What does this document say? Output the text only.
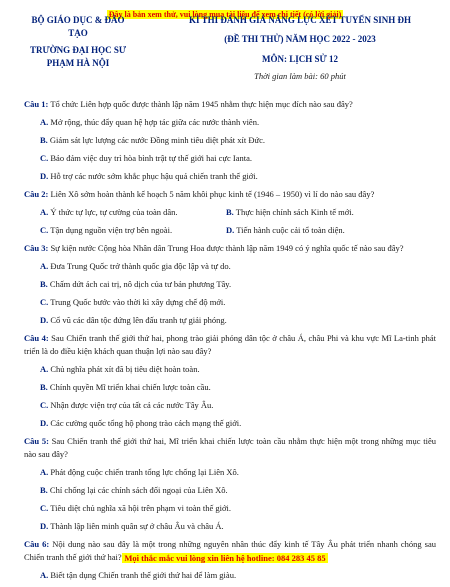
Đây là bản xem thử, vui lòng mua tài liệu để xem chi tiết (có lời giải)
BỘ GIÁO DỤC & ĐÀO
TẠO
TRƯỜNG ĐẠI HỌC SƯ
PHẠM HÀ NỘI
KÌ THI ĐÁNH GIÁ NĂNG LỰC XÉT TUYỂN SINH ĐH
(ĐỀ THI THỬ) NĂM HỌC 2022 - 2023
MÔN: LỊCH SỬ 12
Thời gian làm bài: 60 phút

Câu 1: Tổ chức Liên hợp quốc được thành lập năm 1945 nhằm thực hiện mục đích nào sau đây?

A. Mở rộng, thúc đẩy quan hệ hợp tác giữa các nước thành viên.
B. Giám sát lực lượng các nước Đồng minh tiêu diệt phát xít Đức.
C. Bảo đảm việc duy trì hòa bình trật tự thế giới hai cực Ianta.
D. Hỗ trợ các nước sớm khắc phục hậu quả chiến tranh thế giới.

Câu 2: Liên Xô sớm hoàn thành kế hoạch 5 năm khôi phục kinh tế (1946 – 1950) vì lí do nào sau đây?

A. Ý thức tự lực, tự cường của toàn dân.	B. Thực hiện chính sách Kinh tế mới.
C. Tận dụng nguồn viện trợ bên ngoài.	D. Tiến hành cuộc cải tổ toàn diện.

Câu 3: Sự kiện nước Cộng hòa Nhân dân Trung Hoa được thành lập năm 1949 có ý nghĩa quốc tế nào sau đây?

A. Đưa Trung Quốc trở thành quốc gia độc lập và tự do.
B. Chấm dứt ách cai trị, nô dịch của tư bản phương Tây.
C. Trung Quốc bước vào thời kì xây dựng chế độ mới.
D. Cổ vũ các dân tộc đứng lên đấu tranh tự giải phóng.

Câu 4: Sau Chiến tranh thế giới thứ hai, phong trào giải phóng dân tộc ở châu Á, châu Phi và khu vực Mĩ La-tinh phát triển là do điều kiện khách quan thuận lợi nào sau đây?

A. Chủ nghĩa phát xít đã bị tiêu diệt hoàn toàn.
B. Chính quyền Mĩ triển khai chiến lược toàn cầu.
C. Nhận được viện trợ của tất cả các nước Tây Âu.
D. Các cường quốc tổng hộ phong trào cách mạng thế giới.

Câu 5: Sau Chiến tranh thế giới thứ hai, Mĩ triển khai chiến lược toàn cầu nhằm thực hiện một trong những mục tiêu nào sau đây?

A. Phát động cuộc chiến tranh tổng lực chống lại Liên Xô.
B. Chỉ chống lại các chính sách đối ngoại của Liên Xô.
C. Tiêu diệt chủ nghĩa xã hội trên phạm vi toàn thế giới.
D. Thành lập liên minh quân sự ở châu Âu và châu Á.

Câu 6: Nội dung nào sau đây là một trong những nguyên nhân thúc đẩy kinh tế Tây Âu phát triển nhanh chóng sau Chiến tranh thế giới thứ hai?

A. Biết tận dụng Chiến tranh thế giới thứ hai để làm giàu.
Mọi thắc mắc vui lòng xin liên hệ hotline: 084 283 45 85
